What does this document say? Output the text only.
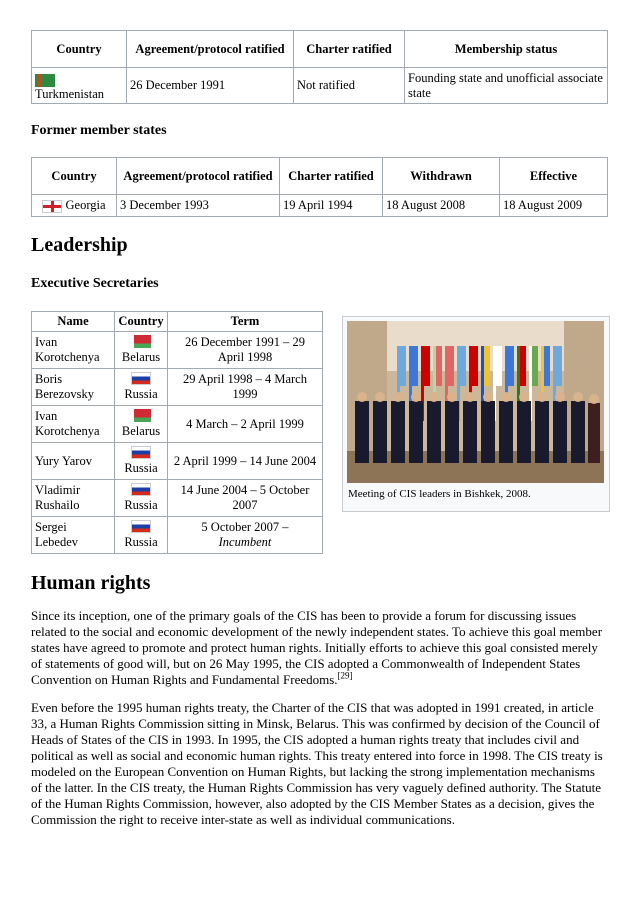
Country	Agreement/protocol ratified	Charter ratified	Membership status

Turkmenistan	26 December 1991	Not ratified	Founding state and unofficial associate state
Former member states
Country	Agreement/protocol ratified	Charter ratified	Withdrawn	Effective
Georgia	3 December 1993	19 April 1994	18 August 2008	18 August 2009
Leadership
Executive Secretaries
Name	Country	Term
Ivan Korotchenya	Belarus	26 December 1991 – 29 April 1998
Boris Berezovsky	Russia	29 April 1998 – 4 March 1999
Ivan Korotchenya	Belarus	4 March – 2 April 1999
Yury Yarov	Russia	2 April 1999 – 14 June 2004
Vladimir Rushailo	Russia	14 June 2004 – 5 October 2007
Sergei Lebedev	Russia	5 October 2007 –
Incumbent
Meeting of CIS leaders in Bishkek, 2008.
Human rights

Since its inception, one of the primary goals of the CIS has been to provide a forum for discussing issues related to the social and economic development of the newly independent states. To achieve this goal member states have agreed to promote and protect human rights. Initially efforts to achieve this goal consisted merely of statements of good will, but on 26 May 1995, the CIS adopted a Commonwealth of Independent States Convention on Human Rights and Fundamental Freedoms.[29]

Even before the 1995 human rights treaty, the Charter of the CIS that was adopted in 1991 created, in article 33, a Human Rights Commission sitting in Minsk, Belarus. This was confirmed by decision of the Council of Heads of States of the CIS in 1993. In 1995, the CIS adopted a human rights treaty that includes civil and political as well as social and economic human rights. This treaty entered into force in 1998. The CIS treaty is modeled on the European Convention on Human Rights, but lacking the strong implementation mechanisms of the latter. In the CIS treaty, the Human Rights Commission has very vaguely defined authority. The Statute of the Human Rights Commission, however, also adopted by the CIS Member States as a decision, gives the Commission the right to receive inter-state as well as individual communications.
